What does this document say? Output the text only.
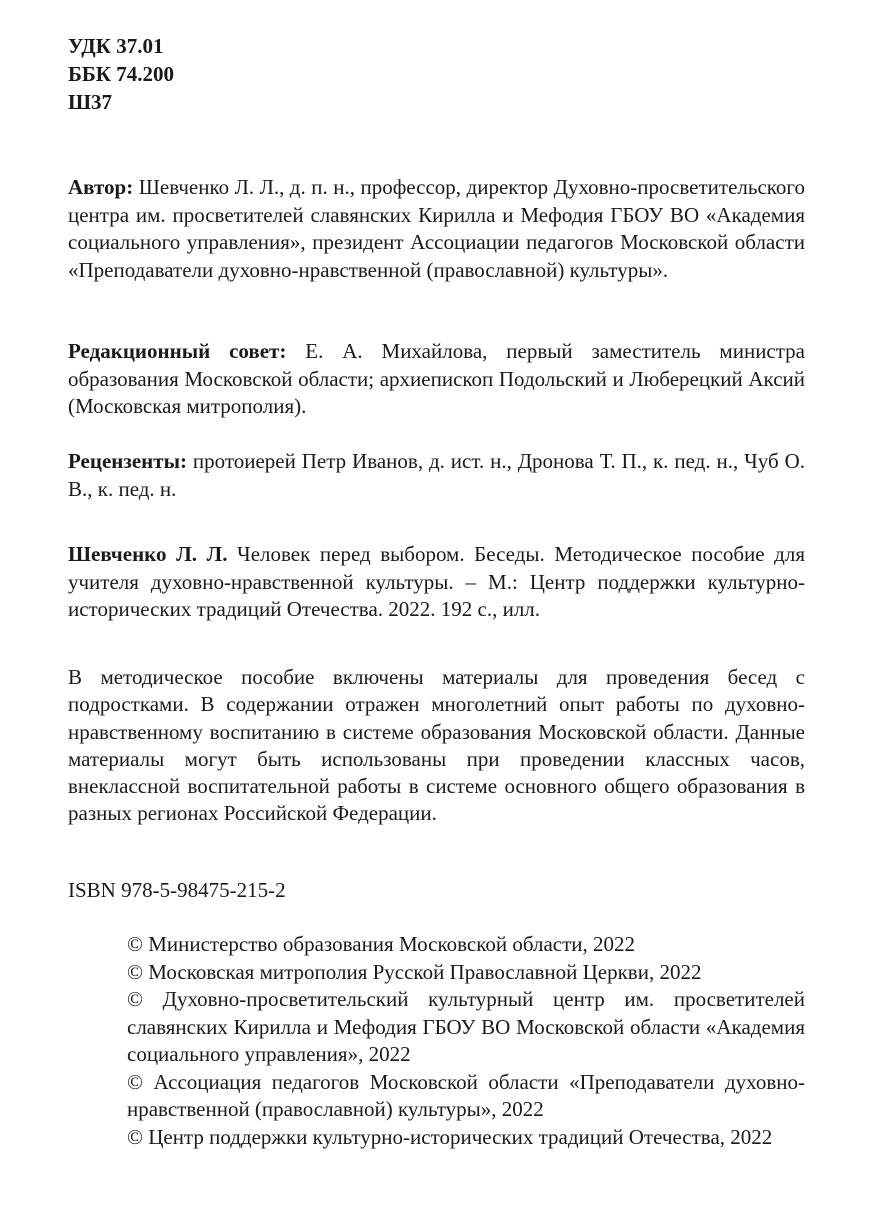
УДК 37.01
ББК 74.200
Ш37
Автор: Шевченко Л. Л., д. п. н., профессор, директор Духовно-просветительского центра им. просветителей славянских Кирилла и Мефодия ГБОУ ВО «Академия социального управления», президент Ассоциации педагогов Московской области «Преподаватели духовно-нравственной (православной) культуры».
Редакционный совет: Е. А. Михайлова, первый заместитель министра образования Московской области; архиепископ Подольский и Люберецкий Аксий (Московская митрополия).
Рецензенты: протоиерей Петр Иванов, д. ист. н., Дронова Т. П., к. пед. н., Чуб О. В., к. пед. н.
Шевченко Л. Л. Человек перед выбором. Беседы. Методическое пособие для учителя духовно-нравственной культуры. – М.: Центр поддержки культурно-исторических традиций Отечества. 2022. 192 с., илл.
В методическое пособие включены материалы для проведения бесед с подростками. В содержании отражен многолетний опыт работы по духовно-нравственному воспитанию в системе образования Московской области. Данные материалы могут быть использованы при проведении классных часов, внеклассной воспитательной работы в системе основного общего образования в разных регионах Российской Федерации.
ISBN 978-5-98475-215-2
© Министерство образования Московской области, 2022
© Московская митрополия Русской Православной Церкви, 2022
© Духовно-просветительский культурный центр им. просветителей славянских Кирилла и Мефодия ГБОУ ВО Московской области «Академия социального управления», 2022
© Ассоциация педагогов Московской области «Преподаватели духовно-нравственной (православной) культуры», 2022
© Центр поддержки культурно-исторических традиций Отечества, 2022
